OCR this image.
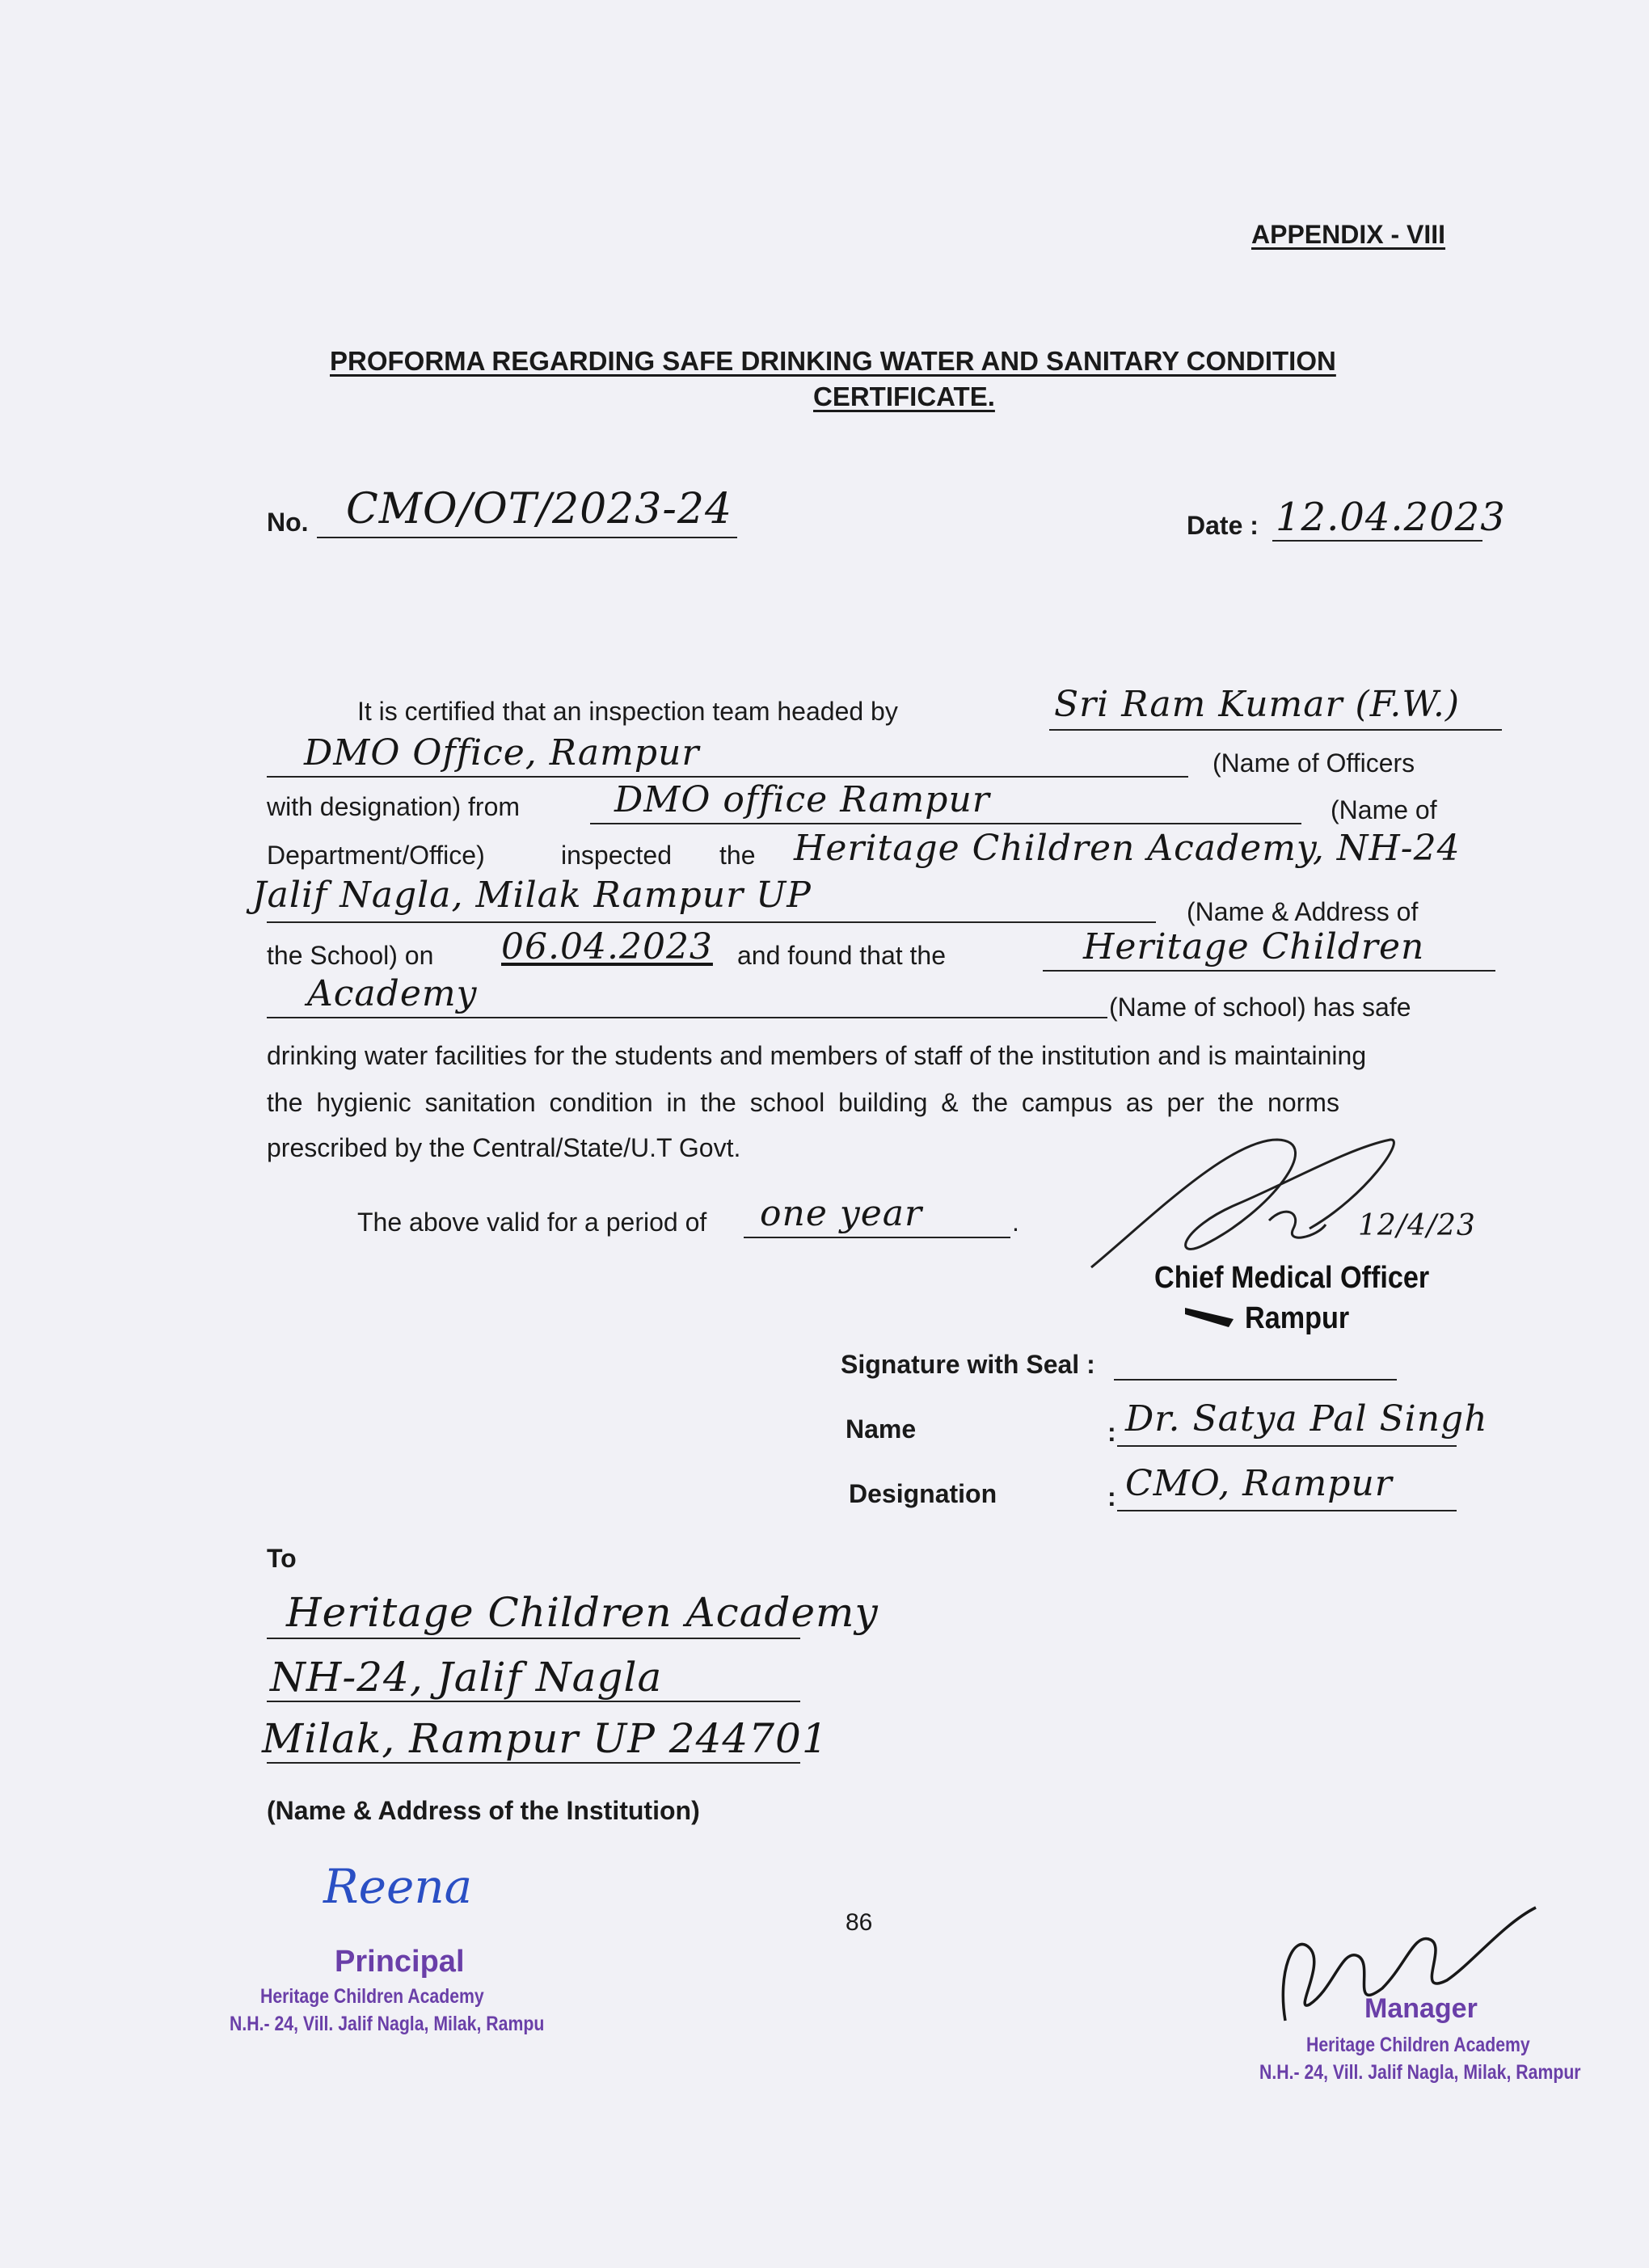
APPENDIX - VIII
PROFORMA REGARDING SAFE DRINKING WATER AND SANITARY CONDITION
CERTIFICATE.
No. CMO/OT/2023-24	Date : 12.04.2023
It is certified that an inspection team headed by	Sri Ram Kumar (F.W.)
DMO Office, Rampur	(Name of Officers
with designation) from	DMO office Rampur	(Name of
Department/Office)	inspected the Heritage Children Academy, NH-24
Jalif Nagla, Milak Rampur UP	(Name & Address of
the School) on 06.04.2023 and found that the	Heritage Children
Academy	(Name of school) has safe
drinking water facilities for the students and members of staff of the institution and is maintaining
the hygienic sanitation condition in the school building & the campus as per the norms
prescribed by the Central/State/U.T Govt.
The above valid for a period of one year	.	12/4/23
Chief Medical Officer
Rampur
Signature with Seal :
Name	: Dr. Satya Pal Singh
Designation	: CMO, Rampur
To
Heritage Children Academy
NH-24, Jalif Nagla
Milak, Rampur UP 244701
(Name & Address of the Institution)
86
Reena
Principal
Heritage Children Academy
N.H.- 24, Vill. Jalif Nagla, Milak, Rampu	Manager
Heritage Children Academy
N.H.- 24, Vill. Jalif Nagla, Milak, Rampur
